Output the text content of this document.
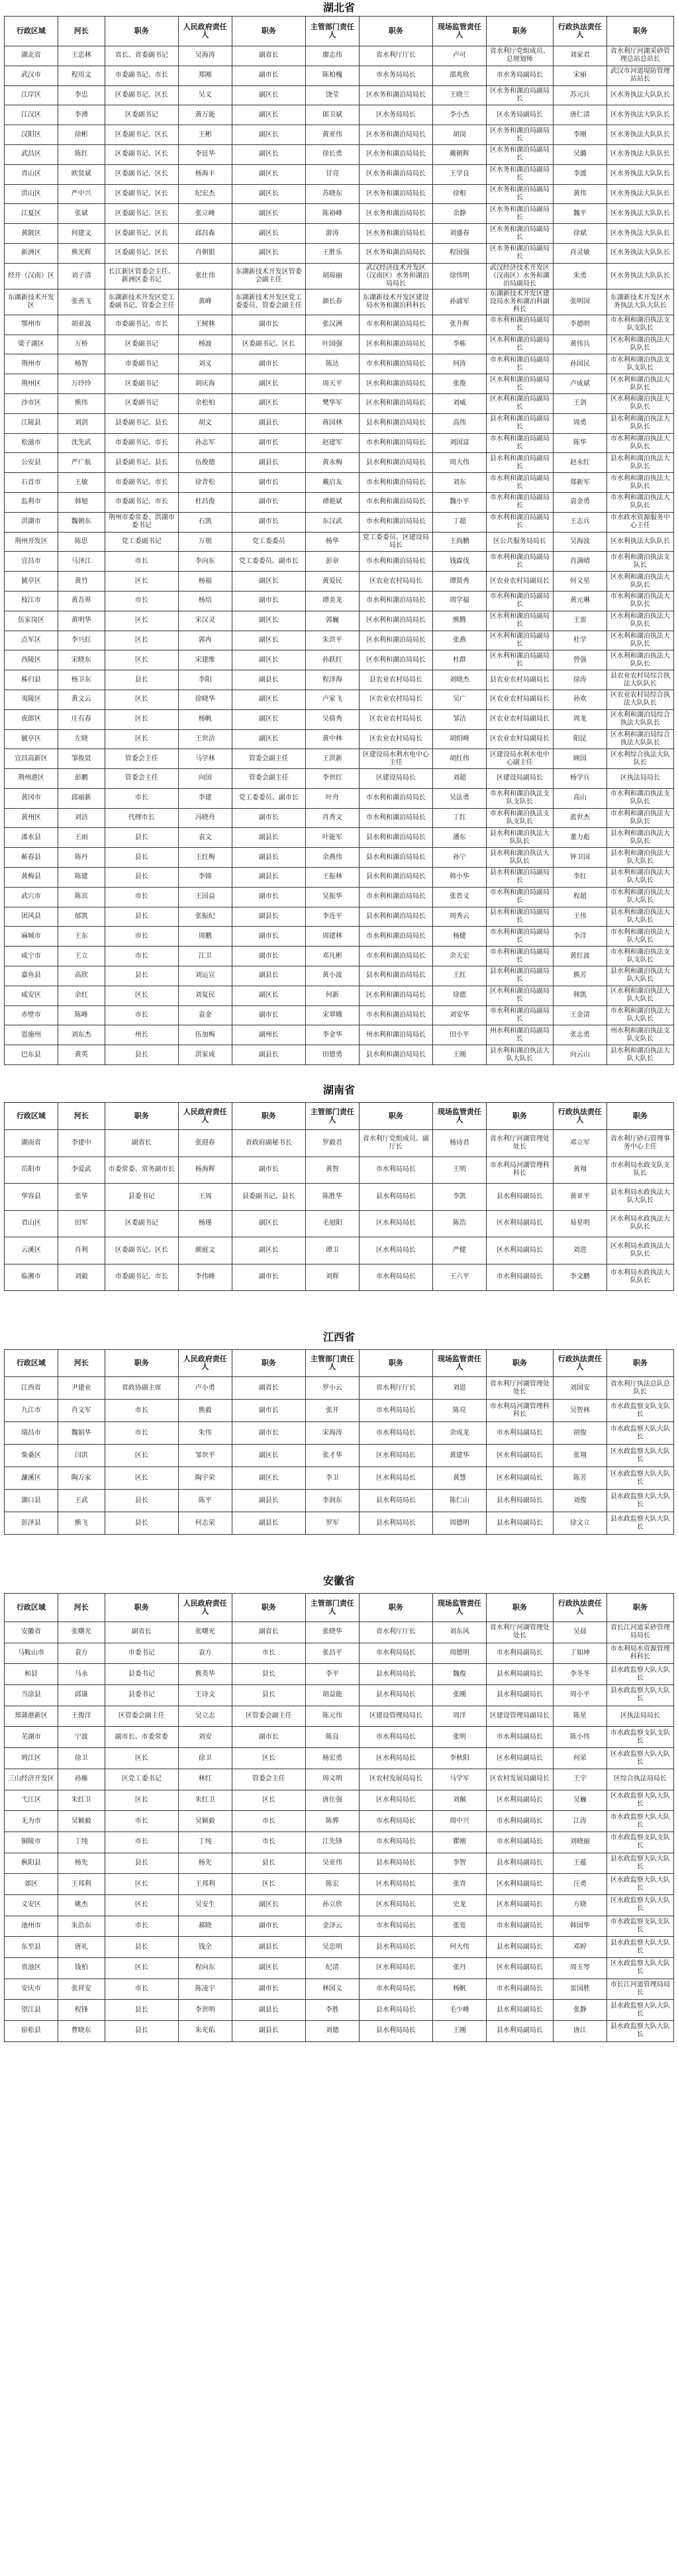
湖北省
行政区域	河长	职务	人民政府责任人	职务	主管部门责任人	职务	现场监管责任人	职务	行政执法责任人	职务
湖北省	王忠林	省长、省委副书记	吴海涛	副省长	廖志伟	省水利厅厅长	卢可	省水利厅党组成员、总规划师	刘家君	省水利厅河湖采砂管理总站总站长
武汉市	程用文	市委副书记、市长	郑刚	副市长	陈柏槐	市水务局局长	邵兆欣	市水务局副局长	宋丽	武汉市河道堤防管理站站长
江岸区	李忠	区委副书记、区长	吴义	副区长	饶莹	区水务和湖泊局局长	王晓兰	区水务和湖泊局副局长	苏元兵	区水务执法大队队长
江汉区	李湧	区委副书记	黄万能	副区长	郎卫斌	区水务局局长	李小杰	区水务局副局长	唐仁清	区水务执法大队队长
汉阳区	徐彬	区委副书记、区长	王彬	副区长	黄亚伟	区水务和湖泊局局长	胡岗	区水务和湖泊局副局长	李刚	区水务执法大队队长
武昌区	陈红	区委副书记、区长	李廷华	副区长	徐长勇	区水务和湖泊局局长	戴朝辉	区水务和湖泊局副局长	吴璐	区水务执法大队队长
青山区	欧贤斌	区委副书记、区长	杨海丰	副区长	甘亮	区水务和湖泊局局长	王学良	区水务和湖泊局副局长	李渡	区水务执法大队队长
洪山区	严中兴	区委副书记、区长	纪宏杰	副区长	苏晓东	区水务和湖泊局局长	徐根	区水务和湖泊局副局长	黄伟	区水务执法大队队长
江夏区	张斌	区委副书记、区长	张立峰	副区长	陈裕峰	区水务和湖泊局局长	余静	区水务和湖泊局副局长	魏平	区水务执法大队队长
黄陂区	何建文	区委副书记、区长	邱昌森	副区长	游涛	区水务和湖泊局局长	刘盛春	区水务和湖泊局副局长	徐斌	区水务执法大队队长
新洲区	熊光辉	区委副书记、区长	肖朝银	副区长	王胜乐	区水务和湖泊局局长	程国强	区水务和湖泊局副局长	肖灵敏	区水务执法大队队长
经开（汉南）区	刘子清	长江新区管委会主任、新洲区委书记	张仕伟	东湖新技术开发区管委会副主任	胡琼丽	武汉经济技术开发区（汉南区）水务和湖泊局局长	徐伟明	武汉经济技术开发区（汉南区）水务和湖泊局副局长	朱勇	区水务执法大队队长
东湖新技术开发区	张善飞	东湖新技术开发区党工委副书记、管委会主任	黄峰	东湖新技术开发区党工委委员、管委会副主任	颜长春	东湖新技术开发区建设局水务和湖泊科科长	孙浦军	东湖新技术开发区建设局水务和湖泊科副科长	张明国	东湖新技术开发区水务执法大队大队长
鄂州市	胡亚波	市委副书记、市长	王树林	副市长	张汉洲	市水利和湖泊局局长	张升辉	市水利和湖泊局副局长	李德明	市水利和湖泊执法支队支队长
梁子湖区	万桥	区委副书记	杨波	区委副书记、区长	叶国强	区水利和湖泊局局长	李栋	区水利和湖泊局副局长	黄伟兵	区水利和湖泊执法大队队长
荆州市	杨智	市委副书记	刘义	副市长	陈达	市水利和湖泊局局长	何涛	市水利和湖泊局副局长	孙国民	市水利和湖泊执法支队支队长
荆州区	万玲玲	区委副书记	胡庆海	副区长	周天平	区水利和湖泊局局长	张俊	区水利和湖泊局副局长	卢成斌	区水利和湖泊执法大队队长
沙市区	熊伟	区委副书记	余松柏	副区长	樊华军	区水利和湖泊局局长	刘威	区水利和湖泊局副局长	王剑	区水利和湖泊执法大队队长
江陵县	刘剑	县委副书记、县长	胡文	副县长	蒋国林	县水利和湖泊局局长	高伟	县水利和湖泊局副局长	周勇	县水利和湖泊执法大队队长
松滋市	沈先武	市委副书记、市长	孙志军	副市长	赵建军	市水利和湖泊局局长	刘国富	市水利和湖泊局副局长	陈华	市水利和湖泊执法大队队长
公安县	严广航	县委副书记、县长	伍俊德	副县长	黄永梅	县水利和湖泊局局长	周大伟	县水利和湖泊局副局长	赵永红	县水利和湖泊执法大队队长
石首市	王敏	市委副书记、市长	徐青松	副市长	戴启友	市水利和湖泊局局长	刘东	市水利和湖泊局副局长	郑新军	市水利和湖泊执法大队队长
监利市	韩旭	市委副书记、市长	杜昌俊	副市长	谭艳斌	市水利和湖泊局局长	魏小平	市水利和湖泊局副局长	袁金勇	市水利和湖泊执法大队队长
洪湖市	魏朝东	荆州市委常委、洪湖市委书记	石凯	副市长	东汉武	市水利和湖泊局局长	丁超	市水利和湖泊局副局长	王志兵	市水政水资源服务中心主任
荆州开发区	陈思	党工委副书记	万朋	党工委委员	杨华	党工委委员、区建设局局长	王尚鹏	区公共服务局局长	吴海波	区水利执法大队队长
宜昌市	马泽江	市长	李向东	党工委委员、副市长	彭章	市水利和湖泊局局长	钱霖伐	市水利和湖泊局副局长	肖满晴	市水利和湖泊执法支队长
猇亭区	黄竹	区长	杨福	副区长	黄爱民	区农业农村局局长	谭贤秀	区农业农村局副局长	何义星	区水利和湖泊执法大队队长
枝江市	黄吾界	市长	杨培	副市长	谭美龙	市水利和湖泊局局长	周学福	市水利和湖泊局副局长	黄元琳	市水利和湖泊执法大队队长
伍家岗区	黄明华	区长	宋汉灵	副区长	郭巍	区水利和湖泊局局长	熊腾	区水利和湖泊局副局长	王雷	区水利和湖泊执法大队队长
点军区	李兴红	区长	郭冉	副区长	朱洪平	区水利和湖泊局局长	张燕	区水利和湖泊局副局长	杜学	区水利和湖泊执法大队队长
西陵区	宋晓东	区长	宋建维	副区长	孙跃红	区水利和湖泊局局长	杜群	区水利和湖泊局副局长	曾强	区水利和湖泊执法大队队长
秭归县	杨卫东	县长	李阳	副县长	程泽海	县农业农村局局长	刘晓杰	县农业农村局副局长	徐涛	县农业农村局综合执法大队队长
夷陵区	黄文云	区长	徐晓华	副区长	卢家飞	区农业农村局局长	吴广	区农业农村局副局长	孙欢	区农业农村局综合执法大队队长
夜郎区	庄有春	区长	杨帆	副区长	吴倩秀	区农业农村局局长	邹洁	区农业农村局副局长	周龙	区水利和湖泊局综合执法大队队长
猇亭区	左晓	区长	王世洁	副区长	黄中林	区农业农村局局长	胡绍峰	区农业农村局副局长	阳昆	区水利和湖泊局综合执法大队队长
宜昌高新区	邹俊贤	管委会主任	马学林	管委会副主任	王洪新	区建设局水利水电中心主任	胡红伟	区建设局水利水电中心副主任	顾国	区水利综合执法大队队长
荆州港区	彭鹏	管委会主任	向国	管委会副主任	李世红	区建设局局长	刘超	区建设局副局长	杨学兵	区执法局局长
黄冈市	邱丽新	市长	李建	党工委委员、副市长	叶舟	市水利和湖泊局局长	吴法勇	市水利和湖泊执法支队支队长	高山	市水利和湖泊执法支队队长
黄州区	刘洁	代理市长	冯晓舟	副市长	肖秀文	市水利和湖泊局局长	丁红	市水利和湖泊执法支队支队长	蓝世杰	市水利和湖泊执法大队队长
浠水县	王雨	县长	袁文	副县长	叶能军	县水利和湖泊局局长	潘东	县水利和湖泊执法大队队长	董力彪	县水利和湖泊执法大队队长
蕲春县	陈丹	县长	王红梅	副县长	余燕伟	县水利和湖泊局局长	孙宁	县水利和湖泊执法大队队长	钟卫国	县水利和湖泊执法大队大队长
黄梅县	陈建	县长	李锦	副县长	王振林	县水利和湖泊局局长	韩小华	县水利和湖泊局副局长	李红	县水利和湖泊执法大队大队长
武穴市	陈宾	市长	王国益	副市长	吴振华	市水利和湖泊局局长	张晋义	市水利和湖泊局副局长	程超	市水利和湖泊执法大队大队长
团风县	郁凯	县长	张振纪	副县长	李连平	县水利和湖泊局局长	周秀云	县水利和湖泊局副局长	王伟	县水利和湖泊执法大队大队长
麻城市	王东	市长	周鹏	副市长	周建林	市水利和湖泊局局长	杨健	市水利和湖泊局副局长	李洋	市水利和湖泊执法大队大队长
咸宁市	王立	市长	江卫	副市长	邓凡彬	市水利和湖泊局局长	余天宏	市水利和湖泊局副局长	黄红波	市水利和湖泊执法支队支队长
嘉鱼县	高欣	县长	刘运宣	副县长	黄小波	县水利和湖泊局局长	王红	县水利和湖泊局副局长	熊芳	县水利和湖泊执法大队大队长
咸安区	余红	区长	刘复民	副区长	何新	区水利和湖泊局局长	徐德	区水利和湖泊局副局长	韩凯	区水利和湖泊执法大队大队长
赤壁市	陈峰	市长	袁金	副市长	宋翠娥	市水利和湖泊局局长	刘安华	市水利和湖泊局副局长	王金清	市水利和湖泊执法大队大队长
恩施州	刘东杰	州长	伍加梅	副州长	李金华	州水利和湖泊局局长	田小平	州水利和湖泊局副局长	张志勇	州水利和湖泊执法支队支队长
巴东县	黄英	县长	洪家成	副县长	田德勇	县水利和湖泊局局长	王刚	县水利和湖泊执法大队大队长	向云山	县水利和湖泊执法大队大队长
湖南省
行政区域	河长	职务	人民政府责任人	职务	主管部门责任人	职务	现场监管责任人	职务	行政执法责任人	职务
湖南省	李建中	副省长	张迎春	省政府副秘书长	罗毅君	省水利厅党组成员、副厅长	杨诗君	省水利厅河湖管理处处长	邓立军	省水利厅砂石管理事务中心主任
岳阳市	李爱武	市委常委、常务副市长	杨海辉	副市长	黄智	市水利局局长	王明	市水利局河湖管理科科长	黄翔	市水利局水政支队支队长
华容县	张华	县委书记	王周	县委副书记、县长	陈胜华	县水利局局长	李凯	县水利局副局长	黄亚平	县水利局水政执法大队大队长
君山区	田军	区委副书记	杨瑾	副区长	毛旭阳	区水利局局长	陈浩	区水利局副局长	易星明	区水利局水政执法大队队长
云溪区	肖利	区委副书记、区长	颜庭文	副区长	谭卫	区水利局局长	严健	区水利局副局长	刘进	区水利局水政执法大队队长
临湘市	刘毅	市委副书记、市长	李伟峰	副市长	刘辉	市水利局局长	王六平	市水利局副局长	李文鹏	市水利局水政执法大队队长
江西省
行政区域	河长	职务	人民政府责任人	职务	主管部门责任人	职务	现场监管责任人	职务	行政执法责任人	职务
江西省	尹建业	省政协副主席	卢小勇	副省长	罗小云	省水利厅厅长	刘恩	省水利厅河湖管理处处长	刘国安	省水利厅执法总队总队长
九江市	肖文军	市长	熊毅	副市长	张开	市水利局局长	陈亮	市水利局河湖管理科科长	吴智林	市水政监察支队支队长
瑞昌市	魏娟华	市长	朱伟	副市长	宋海涛	市水利局局长	余成龙	市水利局副局长	胡俊	市水政监察大队大队长
柴桑区	闫洪	区长	邹世平	副区长	张才华	区水利局局长	黄建华	区水利局副局长	张翔	区水政监察大队大队长
濂溪区	陶万家	区长	陶宇荣	副区长	李卫	区水利局局长	黄慧	区水利局副局长	陈芳	区水政监察大队大队长
湖口县	王武	县长	陈平	副县长	李润东	县水利局局长	陈仁山	县水利局副局长	刘俊	县水政监察大队大队长
彭泽县	熊飞	县长	何志荣	副县长	罗军	县水利局局长	周德明	县水利局副局长	徐文立	县水政监察大队大队长
安徽省
行政区域	河长	职务	人民政府责任人	职务	主管部门责任人	职务	现场监管责任人	职务	行政执法责任人	职务
安徽省	张曙光	副省长	张曙光	副省长	张晓华	省水利厅厅长	刘东风	省水利厅河湖管理处处长	吴晨	省长江河道采砂管理局局长
马鞍山市	袁方	市委书记	袁方	市长	张昌平	市水利局局长	周德明	市水利局副局长	丁如坤	市水利局水资源管理科科长
和县	马永	县委书记	熊英华	县长	李平	县水利局局长	魏俊	县水利局副局长	李冬冬	县水政监察大队大队长
当涂县	邱康	县委书记	王诗文	县长	胡益能	县水利局局长	张刚	县水利局副局长	周小平	县水政监察大队大队长
郑蒲港新区	王俊洋	区管委会副主任	吴立志	区管委会副主任	陈元伟	区建设管理局局长	周洋	区建设管理局副局长	陈星	区执法局局长
芜湖市	宁波	副市长、市委常委	刘安	副市长	陈良	市水利局局长	张明	市水利局副局长	陈小伟	市水政监察支队支队长
鸠江区	徐卫	区长	徐卫	区长	杨宏勇	区水利局局长	李秋阳	区水利局副局长	何荣	区水政监察大队大队长
三山经济开发区	孙雁	区党工委书记	林红	管委会主任	周义明	区农村发展局局长	马学军	区农村发展局副局长	王宇	区综合执法局局长
弋江区	朱红卫	区长	朱红卫	区长	唐仕强	区水利局局长	刘佩	区水利局副局长	吴巍	区水政监察大队大队长
无为市	吴颖毅	市长	吴颖毅	市长	陈骅	市水利局局长	周中兴	市水利局副局长	江涛	市水政监察大队大队长
铜陵市	丁纯	市长	丁纯	市长	江先锋	市水利局局长	瞿刚	市水利局副局长	刘晓丽	市水政监察支队支队长
枞阳县	杨先	县长	杨先	县长	吴亚伟	县水利局局长	李智	县水利局副局长	王蕴	县水政监察大队大队长
郊区	王邦利	区长	王邦利	区长	陈宏	区水利局局长	张青	区水利局副局长	汪勇	区水政监察大队大队长
义安区	姚杰	区长	吴安生	副区长	孙立欣	区水利局局长	史龙	区水利局副局长	方晓	区水政监察大队大队长
池州市	朱浩东	市长	郝晓	副市长	金泽云	市水利局局长	张宽	市水利局副局长	韩国华	市水政监察支队支队长
东至县	唐礼	县长	钱全	副县长	吴忠明	县水利局局长	何大伟	县水利局副局长	邓婷	县水政监察大队大队长
贵池区	钱柏	区长	程向东	副区长	纪清	区水利局局长	张丹	区水利局副局长	周玉琴	区水政监察大队大队长
安庆市	张祥安	市长	陈凌宇	副市长	林国义	市水利局局长	杨帆	市水利局副局长	雷国胜	市长江河道管理局局长
望江县	程锋	县长	李世明	副县长	李胜	县水利局局长	毛少峰	县水利局副局长	张静	县水政监察大队大队长
宿松县	曹晓东	县长	朱光佑	副县长	刘德	县水利局局长	王刚	县水利局副局长	唐江	县水政监察大队大队长
